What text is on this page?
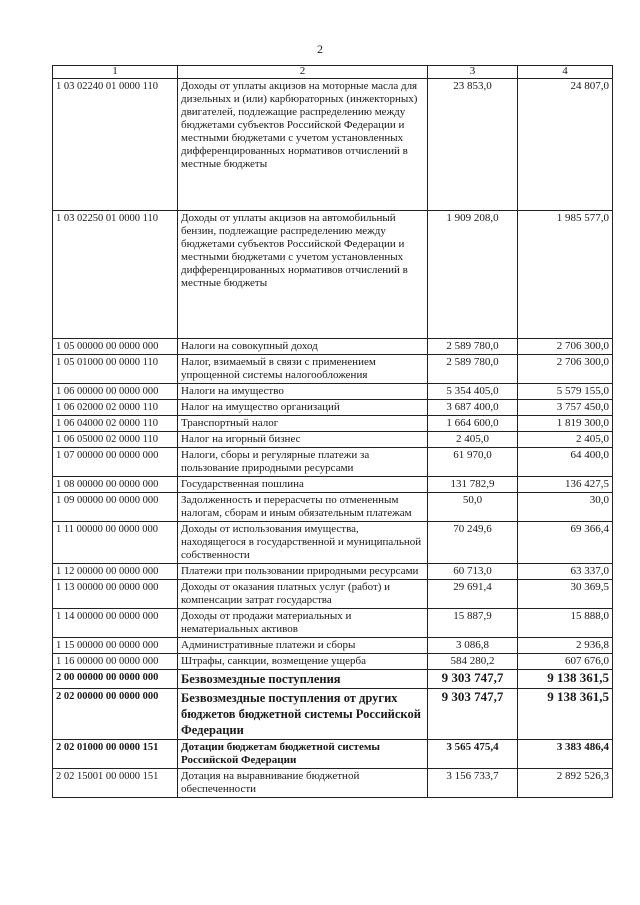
2
1	2	3	4
1 03 02240 01 0000 110	Доходы от уплаты акцизов на моторные масла для дизельных и (или) карбюраторных (инжекторных) двигателей, подлежащие распределению между бюджетами субъектов Российской Федерации и местными бюджетами с учетом установленных дифференцированных нормативов отчислений в местные бюджеты	23 853,0	24 807,0
1 03 02250 01 0000 110	Доходы от уплаты акцизов на автомобильный бензин, подлежащие распределению между бюджетами субъектов Российской Федерации и местными бюджетами с учетом установленных дифференцированных нормативов отчислений в местные бюджеты	1 909 208,0	1 985 577,0
1 05 00000 00 0000 000	Налоги на совокупный доход	2 589 780,0	2 706 300,0
1 05 01000 00 0000 110	Налог, взимаемый в связи с применением упрощенной системы налогообложения	2 589 780,0	2 706 300,0
1 06 00000 00 0000 000	Налоги на имущество	5 354 405,0	5 579 155,0
1 06 02000 02 0000 110	Налог на имущество организаций	3 687 400,0	3 757 450,0
1 06 04000 02 0000 110	Транспортный налог	1 664 600,0	1 819 300,0
1 06 05000 02 0000 110	Налог на игорный бизнес	2 405,0	2 405,0
1 07 00000 00 0000 000	Налоги, сборы и регулярные платежи за пользование природными ресурсами	61 970,0	64 400,0
1 08 00000 00 0000 000	Государственная пошлина	131 782,9	136 427,5
1 09 00000 00 0000 000	Задолженность и перерасчеты по отмененным налогам, сборам и иным обязательным платежам	50,0	30,0
1 11 00000 00 0000 000	Доходы от использования имущества, находящегося в государственной и муниципальной собственности	70 249,6	69 366,4
1 12 00000 00 0000 000	Платежи при пользовании природными ресурсами	60 713,0	63 337,0
1 13 00000 00 0000 000	Доходы от оказания платных услуг (работ) и компенсации затрат государства	29 691,4	30 369,5
1 14 00000 00 0000 000	Доходы от продажи материальных и нематериальных активов	15 887,9	15 888,0
1 15 00000 00 0000 000	Административные платежи и сборы	3 086,8	2 936,8
1 16 00000 00 0000 000	Штрафы, санкции, возмещение ущерба	584 280,2	607 676,0
2 00 00000 00 0000 000	Безвозмездные поступления	9 303 747,7	9 138 361,5
2 02 00000 00 0000 000	Безвозмездные поступления от других бюджетов бюджетной системы Российской Федерации	9 303 747,7	9 138 361,5
2 02 01000 00 0000 151	Дотации бюджетам бюджетной системы Российской Федерации	3 565 475,4	3 383 486,4
2 02 15001 00 0000 151	Дотация на выравнивание бюджетной обеспеченности	3 156 733,7	2 892 526,3
